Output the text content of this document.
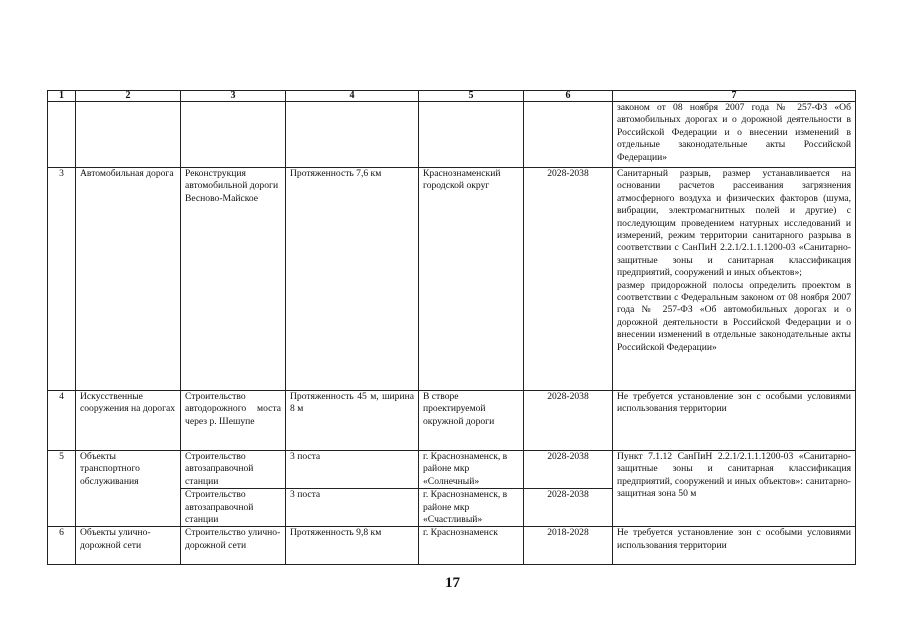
1	2	3	4	5	6	7
						законом от 08 ноября 2007 года № 257-ФЗ «Об автомобильных дорогах и о дорожной деятельности в Российской Федерации и о внесении изменений в отдельные законодательные акты Российской Федерации»
3	Автомобильная дорога	Реконструкция автомобильной дороги Весново-Майское	Протяженность 7,6 км	Краснознаменский городской округ	2028-2038	Санитарный разрыв, размер устанавливается на основании расчетов рассеивания загрязнения атмосферного воздуха и физических факторов (шума, вибрации, электромагнитных полей и другие) с последующим проведением натурных исследований и измерений, режим территории санитарного разрыва в соответствии с СанПиН 2.2.1/2.1.1.1200-03 «Санитарно-защитные зоны и санитарная классификация предприятий, сооружений и иных объектов»;
размер придорожной полосы определить проектом в соответствии с Федеральным законом от 08 ноября 2007 года № 257-ФЗ «Об автомобильных дорогах и о дорожной деятельности в Российской Федерации и о внесении изменений в отдельные законодательные акты Российской Федерации»

4	Искусственные сооружения на дорогах	Строительство автодорожного моста через р. Шешупе	Протяженность 45 м, ширина 8 м	В створе проектируемой окружной дороги	2028-2038	Не требуется установление зон с особыми условиями использования территории
5	Объекты транспортного обслуживания	Строительство автозаправочной станции	3 поста	г. Краснознаменск, в районе мкр «Солнечный»	2028-2038	Пункт 7.1.12 СанПиН 2.2.1/2.1.1.1200-03 «Санитарно-защитные зоны и санитарная классификация предприятий, сооружений и иных объектов»: санитарно-защитная зона 50 м
		Строительство автозаправочной станции	3 поста	г. Краснознаменск, в районе мкр «Счастливый»	2028-2038	
6	Объекты улично-дорожной сети	Строительство улично-дорожной сети	Протяженность 9,8 км	г. Краснознаменск	2018-2028	Не требуется установление зон с особыми условиями использования территории
17
